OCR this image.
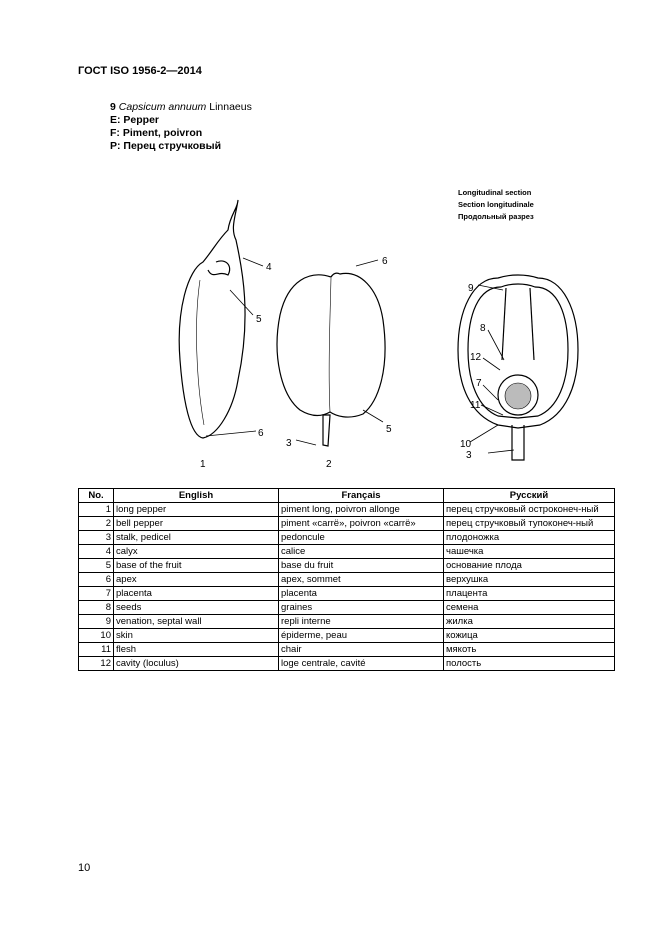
ГОСТ ISO 1956-2—2014
9 Capsicum annuum Linnaeus
E: Pepper
F: Piment, poivron
P: Перец стручковый
4
5
6
6
5
3
9
8
12
7
11
10
1	2
3
Longitudinal section
Section longitudinale
Продольный разрез
No.	English	Français	Русский
1	long pepper	piment long, poivron allonge	перец стручковый остроконеч-ный
2	bell pepper	piment «carrё», poivron «carrё»	перец стручковый тупоконеч-ный
3	stalk, pedicel	pedoncule	плодоножка
4	calyx	calice	чашечка
5	base of the fruit	base du fruit	основание плода
6	apex	apex, sommet	верхушка
7	placenta	placenta	плацента
8	seeds	graines	семена
9	venation, septal wall	repli interne	жилка
10	skin	épiderme, peau	кожица
11	flesh	chair	мякоть
12	cavity (loculus)	loge centrale, cavité	полость
10
